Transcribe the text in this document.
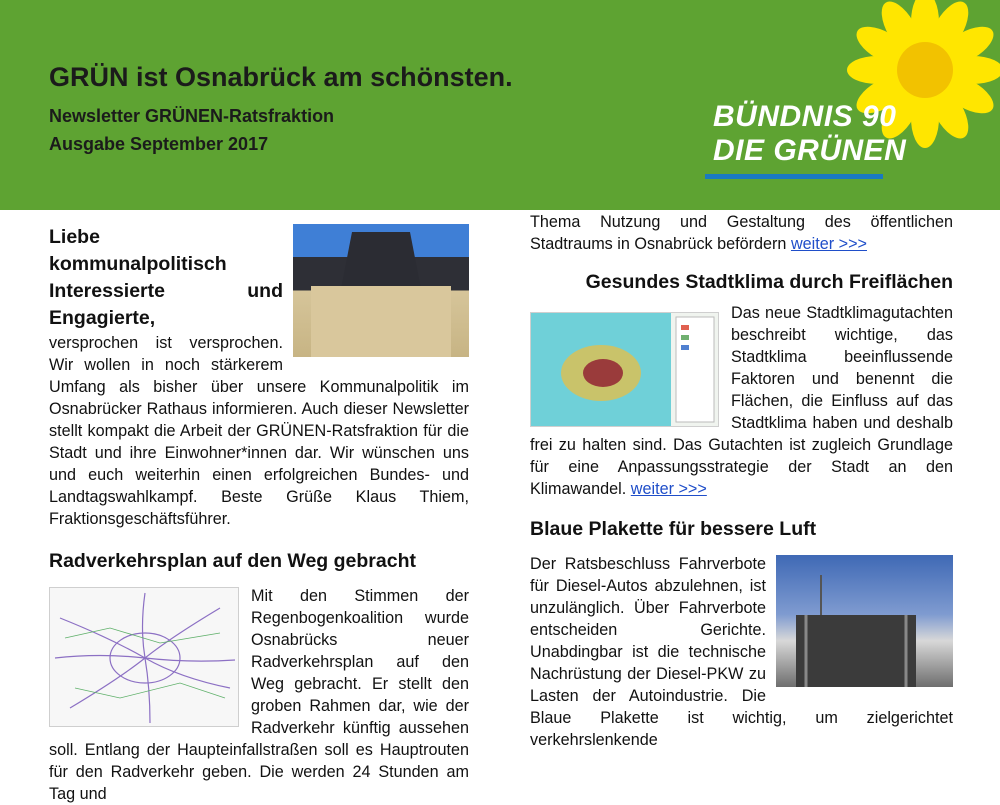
GRÜN ist Osnabrück am schönsten.
Newsletter GRÜNEN-Ratsfraktion
Ausgabe September 2017
BÜNDNIS 90
DIE GRÜNEN
Liebe kommunalpolitisch Interessierte und Engagierte,

versprochen ist versprochen. Wir wollen in noch stärkerem Umfang als bisher über unsere Kommunalpolitik im Osnabrücker Rathaus informieren. Auch dieser Newsletter stellt kompakt die Arbeit der GRÜNEN-Ratsfraktion für die Stadt und ihre Einwohner*innen dar. Wir wünschen uns und euch weiterhin einen erfolgreichen Bundes- und Landtagswahlkampf. Beste Grüße Klaus Thiem, Fraktionsgeschäftsführer.

Radverkehrsplan auf den Weg gebracht

Mit den Stimmen der Regenbogenkoalition wurde Osnabrücks neuer Radverkehrsplan auf den Weg gebracht. Er stellt den groben Rahmen dar, wie der Radverkehr künftig aussehen soll. Entlang der Haupteinfallstraßen soll es Hauptrouten für den Radverkehr geben. Die werden 24 Stunden am Tag und

Thema Nutzung und Gestaltung des öffentlichen Stadtraums in Osnabrück befördern weiter >>>

Gesundes Stadtklima durch Freiflächen

Das neue Stadtklimagutachten beschreibt wichtige, das Stadtklima beeinflussende Faktoren und benennt die Flächen, die Einfluss auf das Stadtklima haben und deshalb frei zu halten sind. Das Gutachten ist zugleich Grundlage für eine Anpassungsstrategie der Stadt an den Klimawandel. weiter >>>

Blaue Plakette für bessere Luft

Der Ratsbeschluss Fahrverbote für Diesel-Autos abzulehnen, ist unzulänglich. Über Fahrverbote entscheiden Gerichte. Unabdingbar ist die technische Nachrüstung der Diesel-PKW zu Lasten der Autoindustrie. Die Blaue Plakette ist wichtig, um zielgerichtet verkehrslenkende
